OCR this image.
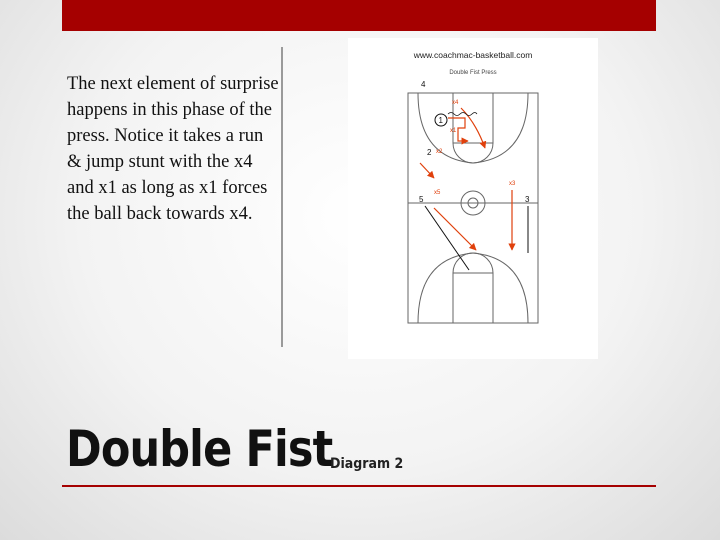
The next element of surprise happens in this phase of the press. Notice it takes a run & jump stunt with the x4 and x1 as long as x1 forces the ball back towards x4.
www.coachmac-basketball.com
Double Fist Press
4
1
2
5	3
x4
x1
x2
x3
x5
Double Fist
Diagram 2
